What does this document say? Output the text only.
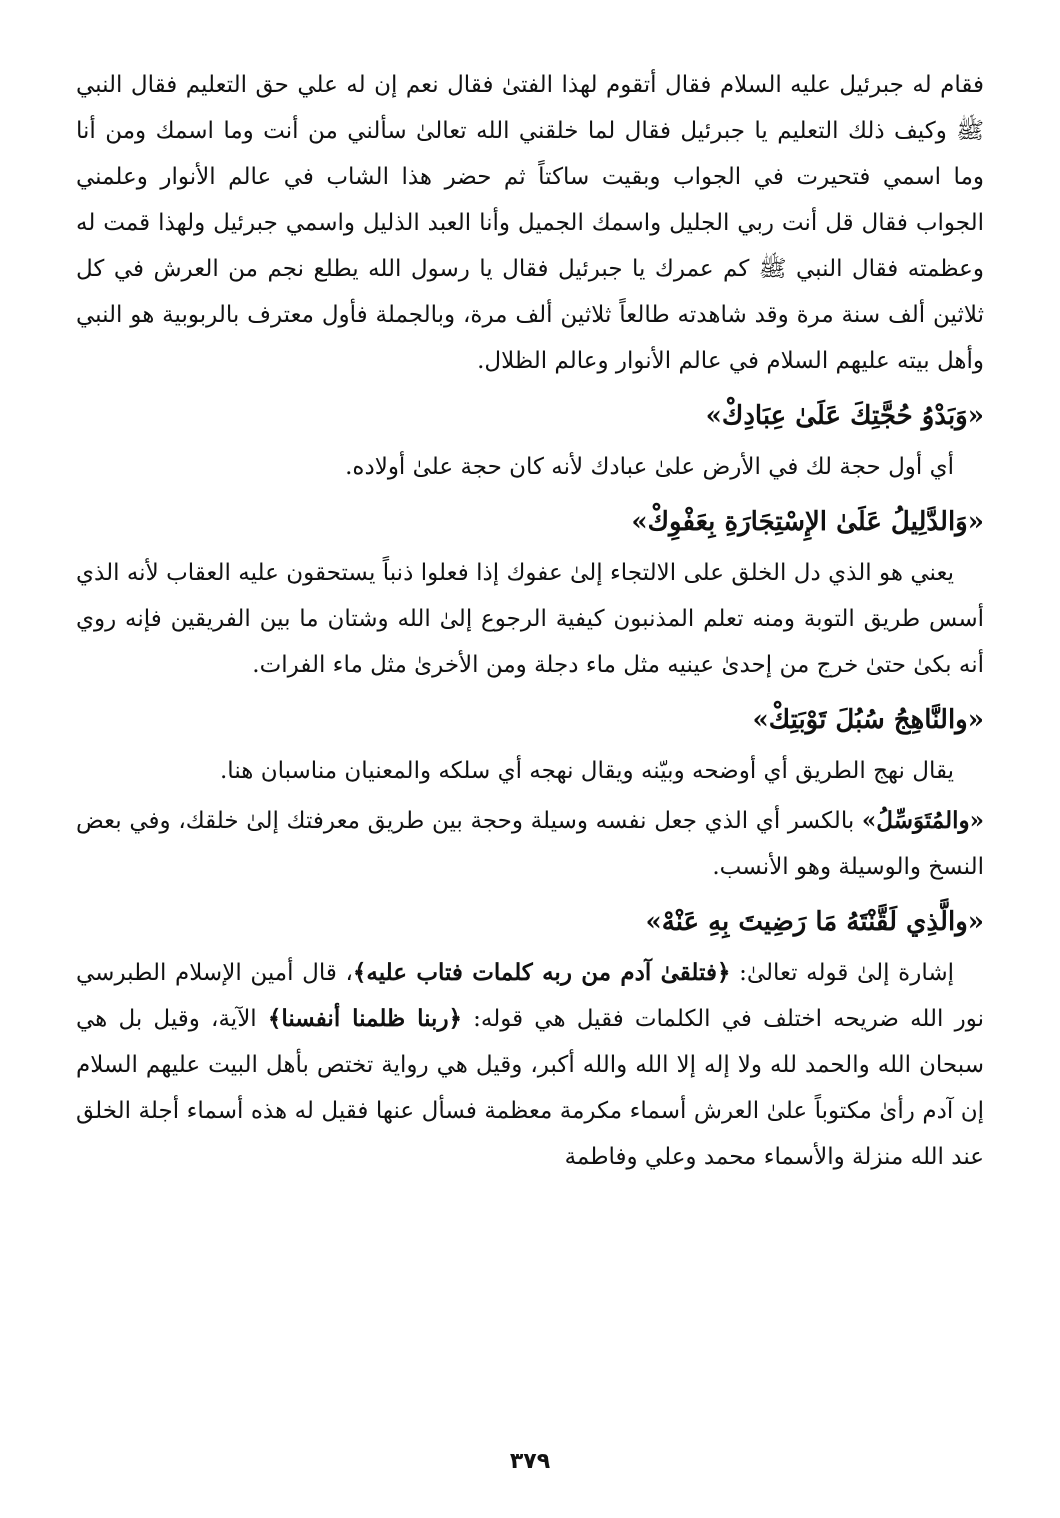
فقام له جبرئيل عليه السلام فقال أتقوم لهذا الفتىٰ فقال نعم إن له علي حق التعليم فقال النبي ﷺ وكيف ذلك التعليم يا جبرئيل فقال لما خلقني الله تعالىٰ سألني من أنت وما اسمك ومن أنا وما اسمي فتحيرت في الجواب وبقيت ساكتاً ثم حضر هذا الشاب في عالم الأنوار وعلمني الجواب فقال قل أنت ربي الجليل واسمك الجميل وأنا العبد الذليل واسمي جبرئيل ولهذا قمت له وعظمته فقال النبي ﷺ كم عمرك يا جبرئيل فقال يا رسول الله يطلع نجم من العرش في كل ثلاثين ألف سنة مرة وقد شاهدته طالعاً ثلاثين ألف مرة، وبالجملة فأول معترف بالربوبية هو النبي وأهل بيته عليهم السلام في عالم الأنوار وعالم الظلال.

«وَبَدْوُ حُجَّتِكَ عَلَىٰ عِبَادِكْ»

أي أول حجة لك في الأرض علىٰ عبادك لأنه كان حجة علىٰ أولاده.

«وَالدَّلِيلُ عَلَىٰ الإِسْتِجَارَةِ بِعَفْوِكْ»

يعني هو الذي دل الخلق على الالتجاء إلىٰ عفوك إذا فعلوا ذنباً يستحقون عليه العقاب لأنه الذي أسس طريق التوبة ومنه تعلم المذنبون كيفية الرجوع إلىٰ الله وشتان ما بين الفريقين فإنه روي أنه بكىٰ حتىٰ خرج من إحدىٰ عينيه مثل ماء دجلة ومن الأخرىٰ مثل ماء الفرات.

«والنَّاهِجُ سُبُلَ تَوْبَتِكْ»

يقال نهج الطريق أي أوضحه وبيّنه ويقال نهجه أي سلكه والمعنيان مناسبان هنا.

«والمُتَوَسِّلُ» بالكسر أي الذي جعل نفسه وسيلة وحجة بين طريق معرفتك إلىٰ خلقك، وفي بعض النسخ والوسيلة وهو الأنسب.

«والَّذِي لَقَّنْتَهُ مَا رَضِيتَ بِهِ عَنْهْ»

إشارة إلىٰ قوله تعالىٰ: ﴿فتلقىٰ آدم من ربه كلمات فتاب عليه﴾، قال أمين الإسلام الطبرسي نور الله ضريحه اختلف في الكلمات فقيل هي قوله: ﴿ربنا ظلمنا أنفسنا﴾ الآية، وقيل بل هي سبحان الله والحمد لله ولا إله إلا الله والله أكبر، وقيل هي رواية تختص بأهل البيت عليهم السلام إن آدم رأىٰ مكتوباً علىٰ العرش أسماء مكرمة معظمة فسأل عنها فقيل له هذه أسماء أجلة الخلق عند الله منزلة والأسماء محمد وعلي وفاطمة

٣٧٩
